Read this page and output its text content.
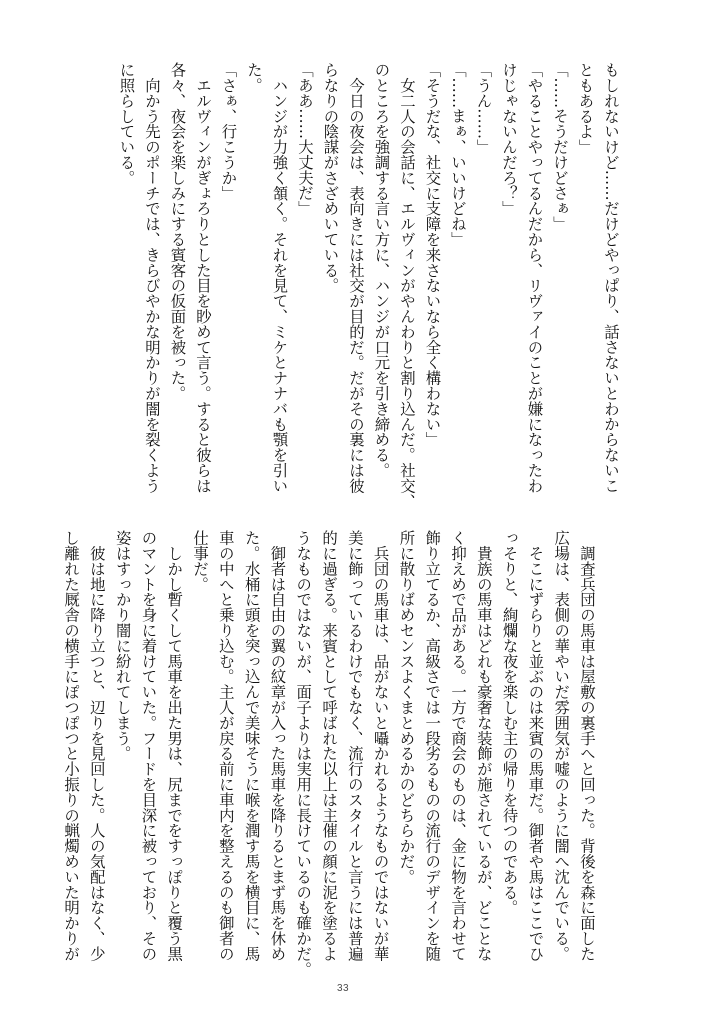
もしれないけど……だけどやっぱり、話さないとわからないこ
ともあるよ」
「……そうだけどさぁ」
「やることやってるんだから、リヴァイのことが嫌になったわ
けじゃないんだろ？」
「うん……」
「……まぁ、いいけどね」
「そうだな、社交に支障を来さないなら全く構わない」
　女二人の会話に、エルヴィンがやんわりと割り込んだ。社交、
のところを強調する言い方に、ハンジが口元を引き締める。
　今日の夜会は、表向きには社交が目的だ。だがその裏には彼
らなりの陰謀がさざめいている。
「ああ……大丈夫だ」
　ハンジが力強く頷く。それを見て、ミケとナナバも顎を引い
た。
「さぁ、行こうか」
　エルヴィンがぎょろりとした目を眇めて言う。すると彼らは
各々、夜会を楽しみにする賓客の仮面を被った。
　向かう先のポーチでは、きらびやかな明かりが闇を裂くよう
に照らしている。
　調査兵団の馬車は屋敷の裏手へと回った。背後を森に面した
広場は、表側の華やいだ雰囲気が嘘のように闇へ沈んでいる。
　そこにずらりと並ぶのは来賓の馬車だ。御者や馬はここでひ
っそりと、絢爛な夜を楽しむ主の帰りを待つのである。
　貴族の馬車はどれも豪奢な装飾が施されているが、どことな
く抑えめで品がある。一方で商会のものは、金に物を言わせて
飾り立てるか、高級さでは一段劣るものの流行のデザインを随
所に散りばめセンスよくまとめるかのどちらかだ。
　兵団の馬車は、品がないと囁かれるようなものではないが華
美に飾っているわけでもなく、流行のスタイルと言うには普遍
的に過ぎる。来賓として呼ばれた以上は主催の顔に泥を塗るよ
うなものではないが、面子よりは実用に長けているのも確かだ。
　御者は自由の翼の紋章が入った馬車を降りるとまず馬を休め
た。水桶に頭を突っ込んで美味そうに喉を潤す馬を横目に、馬
車の中へと乗り込む。主人が戻る前に車内を整えるのも御者の
仕事だ。
　しかし暫くして馬車を出た男は、尻までをすっぽりと覆う黒
のマントを身に着けていた。フードを目深に被っており、その
姿はすっかり闇に紛れてしまう。
　彼は地に降り立つと、辺りを見回した。人の気配はなく、少
し離れた厩舎の横手にぽつぽつと小振りの蝋燭めいた明かりが
33
